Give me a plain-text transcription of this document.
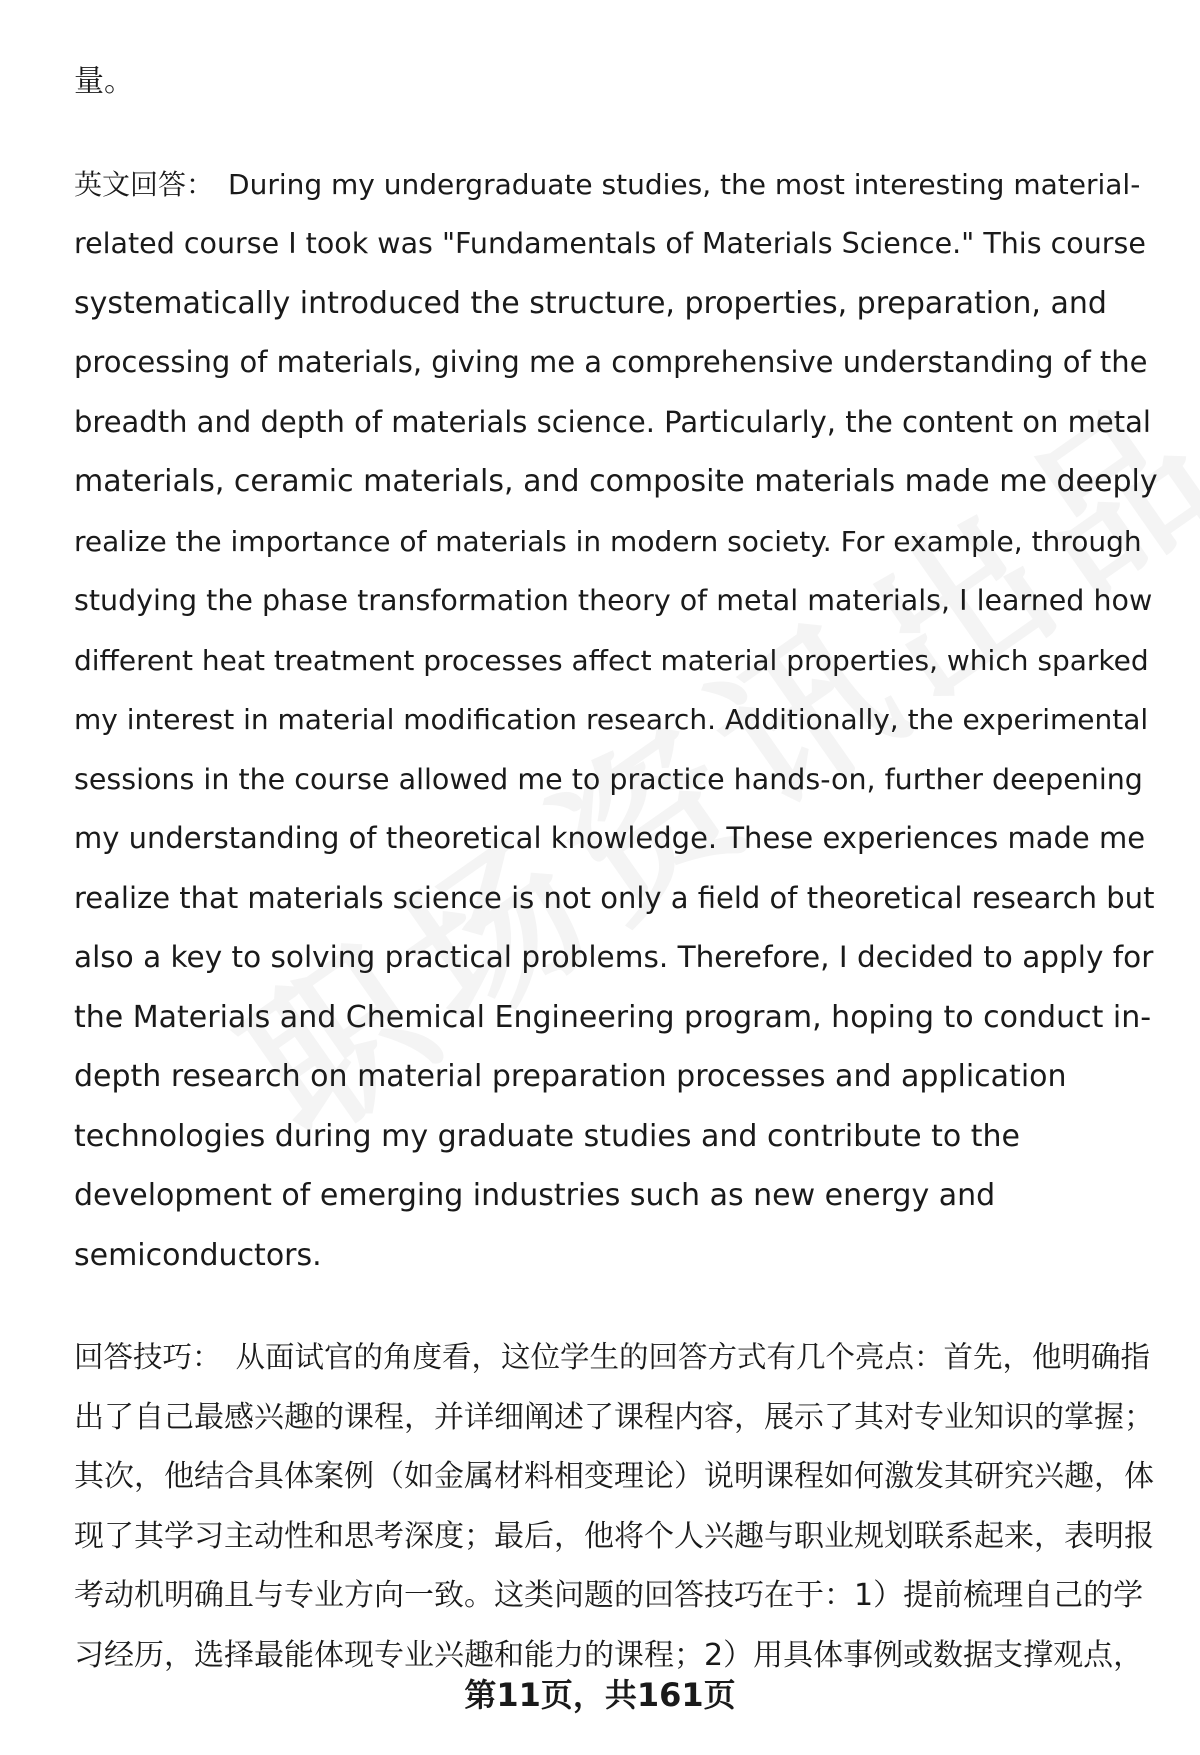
量。
英文回答： During my undergraduate studies, the most interesting material-
related course I took was "Fundamentals of Materials Science." This course
systematically introduced the structure, properties, preparation, and
processing of materials, giving me a comprehensive understanding of the
breadth and depth of materials science. Particularly, the content on metal
materials, ceramic materials, and composite materials made me deeply
realize the importance of materials in modern society. For example, through
studying the phase transformation theory of metal materials, I learned how
different heat treatment processes affect material properties, which sparked
my interest in material modification research. Additionally, the experimental
sessions in the course allowed me to practice hands-on, further deepening
my understanding of theoretical knowledge. These experiences made me
realize that materials science is not only a field of theoretical research but
also a key to solving practical problems. Therefore, I decided to apply for
the Materials and Chemical Engineering program, hoping to conduct in-
depth research on material preparation processes and application
technologies during my graduate studies and contribute to the
development of emerging industries such as new energy and
semiconductors.
回答技巧： 从面试官的角度看，这位学生的回答方式有几个亮点：首先，他明确指
出了自己最感兴趣的课程，并详细阐述了课程内容，展示了其对专业知识的掌握；
其次，他结合具体案例（如金属材料相变理论）说明课程如何激发其研究兴趣，体
现了其学习主动性和思考深度；最后，他将个人兴趣与职业规划联系起来，表明报
考动机明确且与专业方向一致。这类问题的回答技巧在于：1）提前梳理自己的学
习经历，选择最能体现专业兴趣和能力的课程；2）用具体事例或数据支撑观点，
第11页，共161页
